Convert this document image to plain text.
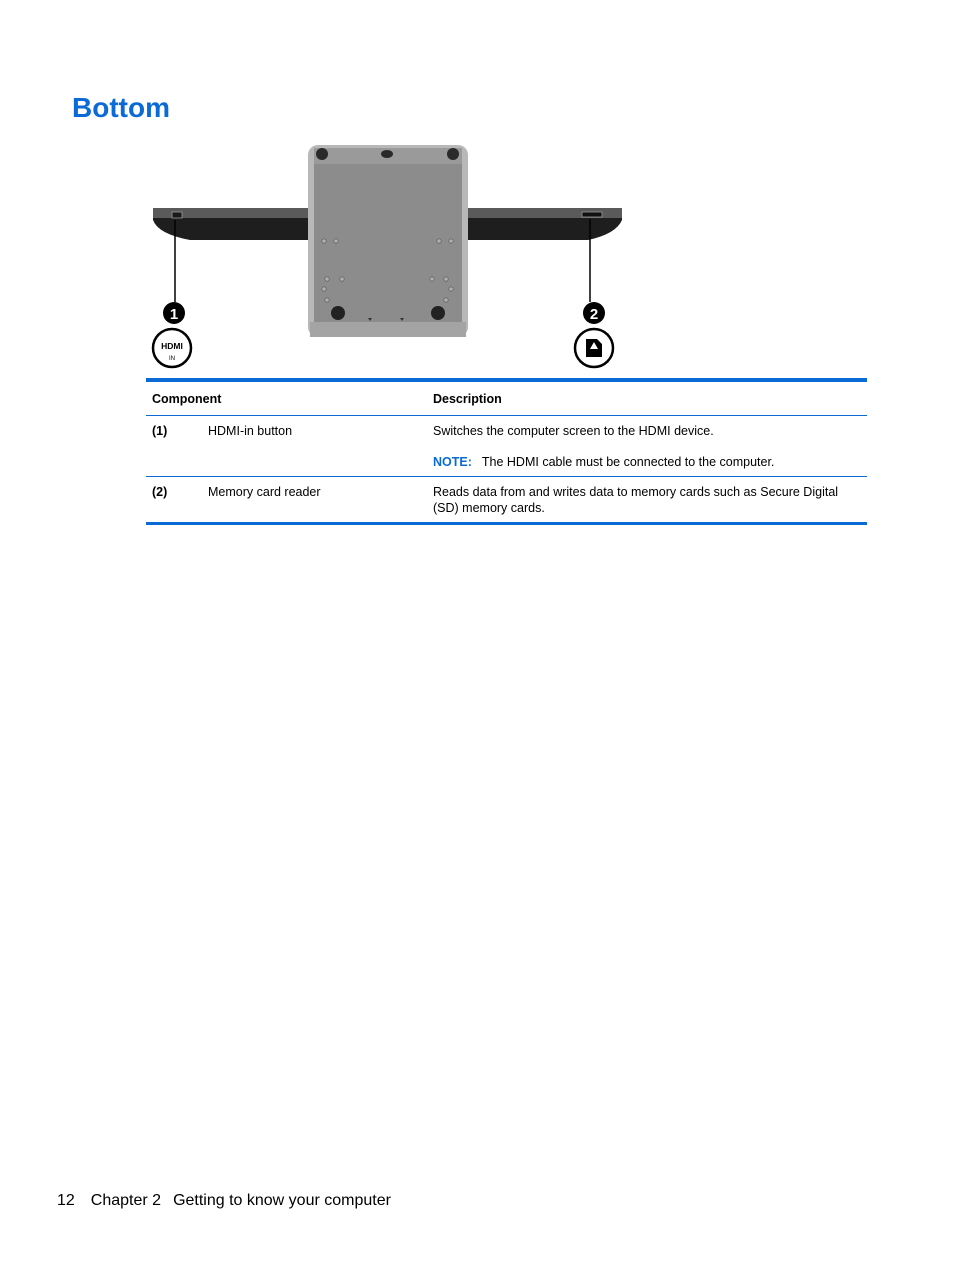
Bottom
1	2
HDMI
IN
Component		Description
(1)	HDMI-in button	Switches the computer screen to the HDMI device.
NOTE: The HDMI cable must be connected to the computer.

(2)	Memory card reader	Reads data from and writes data to memory cards such as Secure Digital (SD) memory cards.
12 Chapter 2 Getting to know your computer
